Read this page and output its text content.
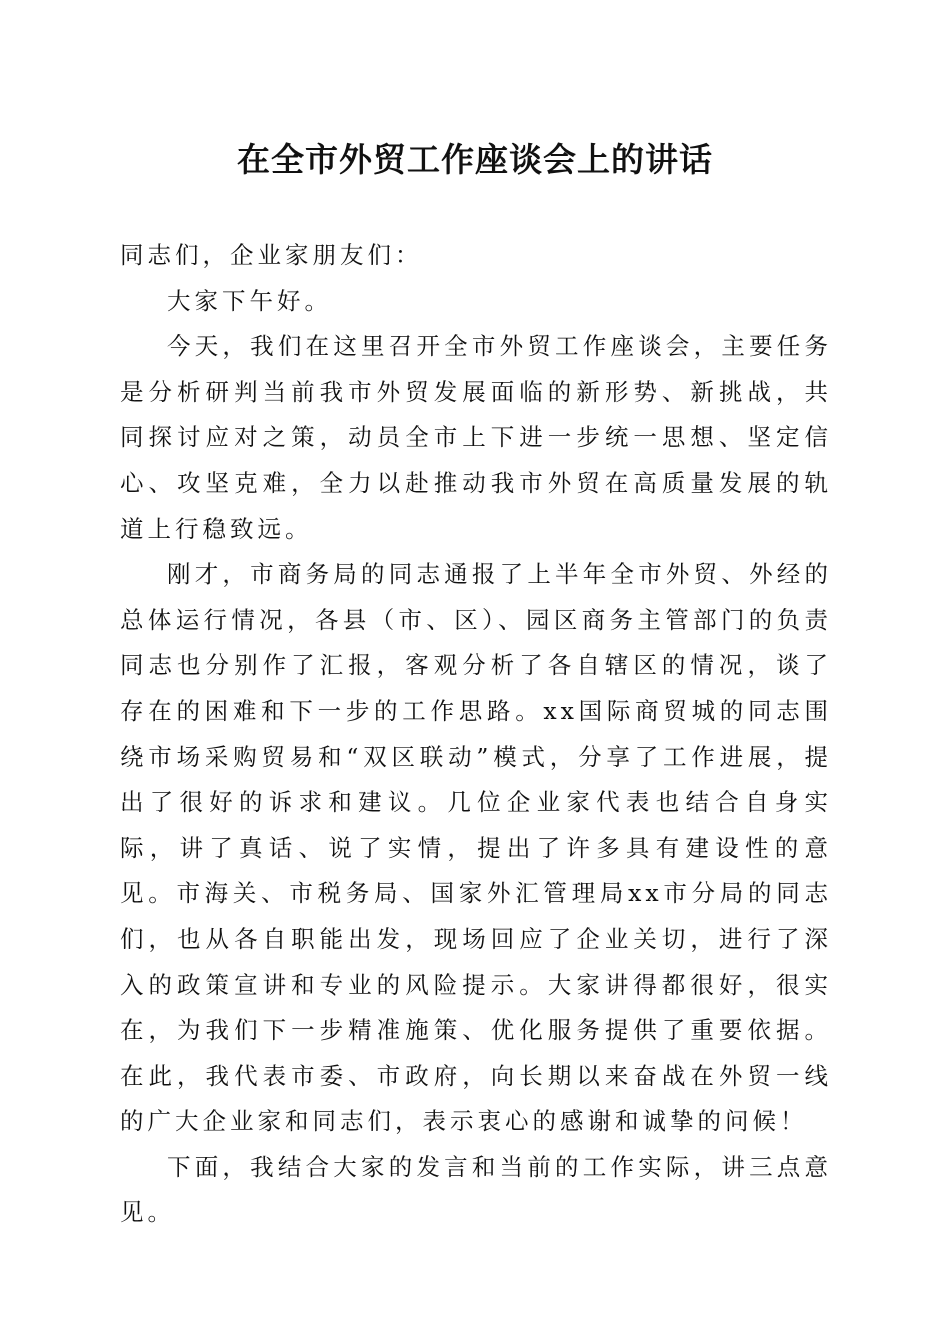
在全市外贸工作座谈会上的讲话

同志们，企业家朋友们：

大家下午好。

今天，我们在这里召开全市外贸工作座谈会，主要任务是分析研判当前我市外贸发展面临的新形势、新挑战，共同探讨应对之策，动员全市上下进一步统一思想、坚定信心、攻坚克难，全力以赴推动我市外贸在高质量发展的轨道上行稳致远。

刚才，市商务局的同志通报了上半年全市外贸、外经的总体运行情况，各县（市、区）、园区商务主管部门的负责同志也分别作了汇报，客观分析了各自辖区的情况，谈了存在的困难和下一步的工作思路。xx国际商贸城的同志围绕市场采购贸易和“双区联动”模式，分享了工作进展，提出了很好的诉求和建议。几位企业家代表也结合自身实际，讲了真话、说了实情，提出了许多具有建设性的意见。市海关、市税务局、国家外汇管理局xx市分局的同志们，也从各自职能出发，现场回应了企业关切，进行了深入的政策宣讲和专业的风险提示。大家讲得都很好，很实在，为我们下一步精准施策、优化服务提供了重要依据。在此，我代表市委、市政府，向长期以来奋战在外贸一线的广大企业家和同志们，表示衷心的感谢和诚挚的问候！

下面，我结合大家的发言和当前的工作实际，讲三点意见。
